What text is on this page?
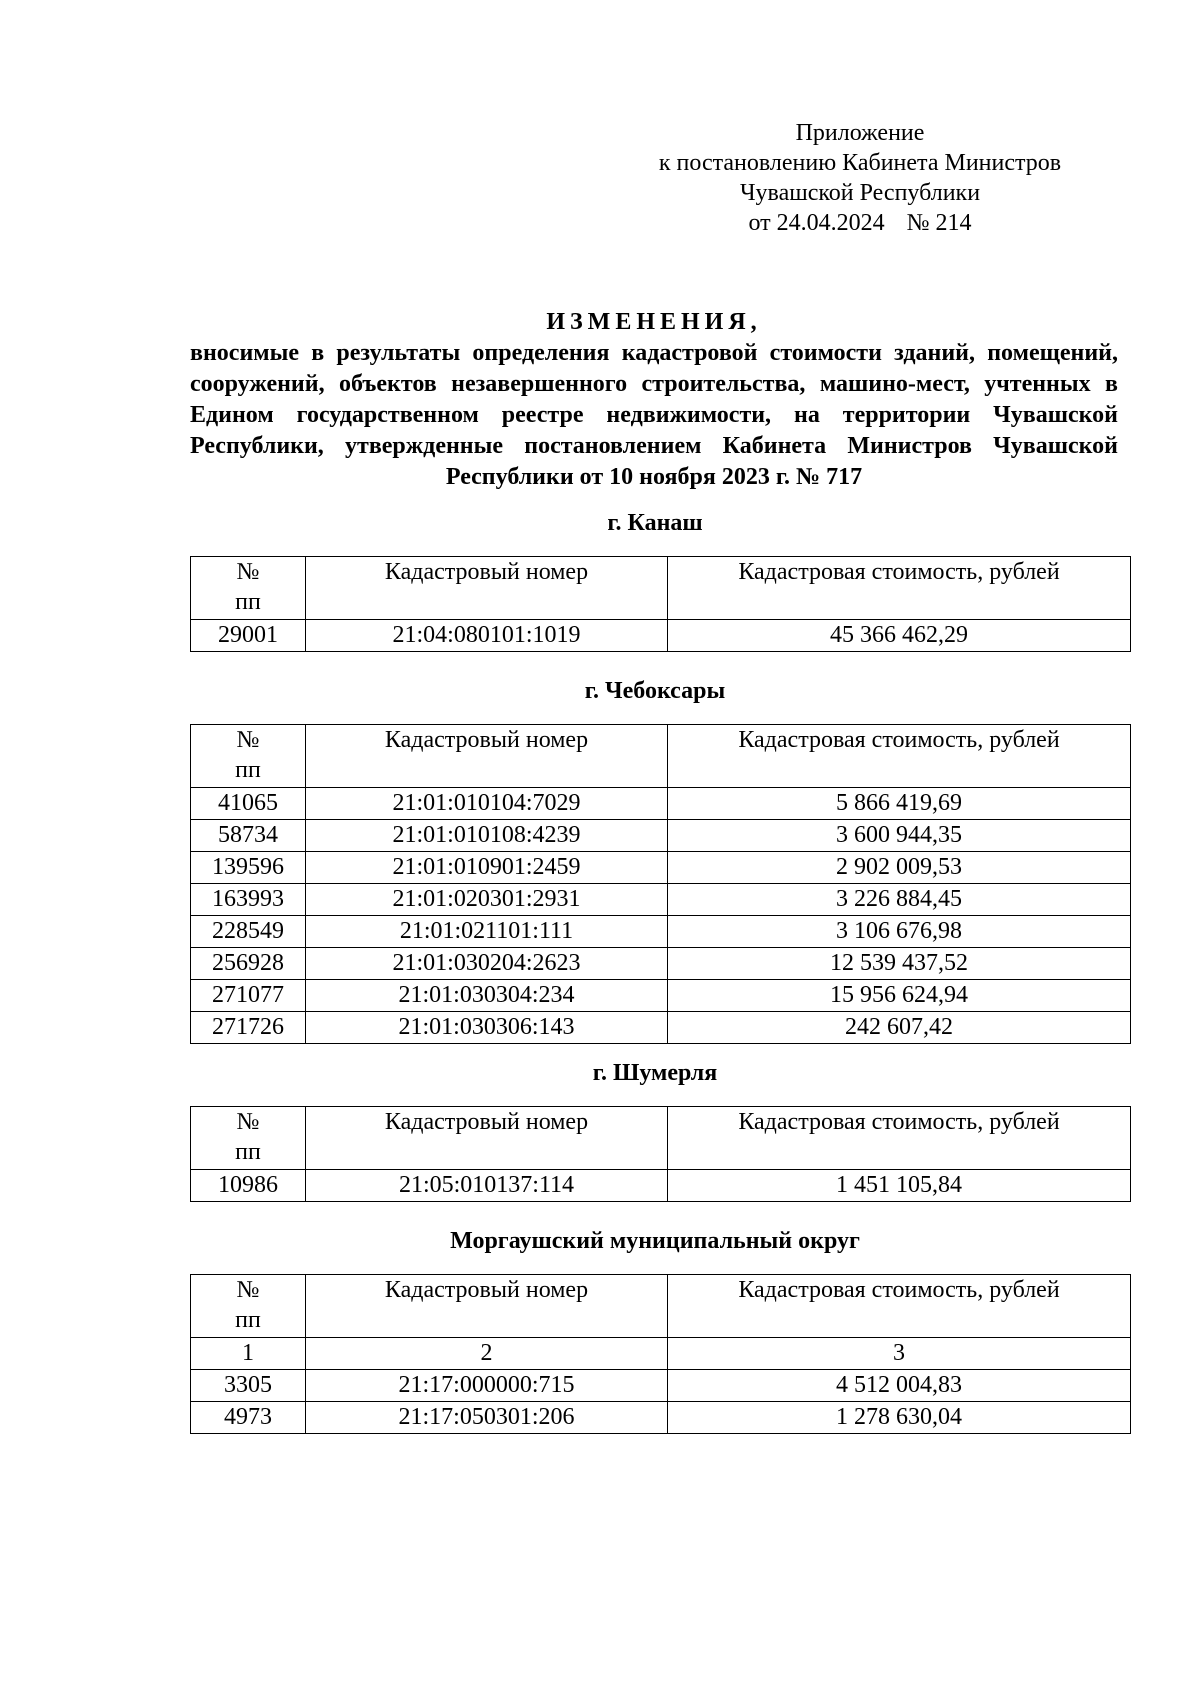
Приложение
к постановлению Кабинета Министров
Чувашской Республики
от 24.04.2024 № 214
ИЗМЕНЕНИЯ,
вносимые в результаты определения кадастровой стоимости зданий, помещений, сооружений, объектов незавершенного строительства, машино-мест, учтенных в Едином государственном реестре недвижимости, на территории Чувашской Республики, утвержденные постановлением Кабинета Министров Чувашской Республики от 10 ноября 2023 г. № 717
г. Канаш
№
пп	Кадастровый номер	Кадастровая стоимость, рублей
29001	21:04:080101:1019	45 366 462,29
г. Чебоксары
№
пп	Кадастровый номер	Кадастровая стоимость, рублей
41065	21:01:010104:7029	5 866 419,69
58734	21:01:010108:4239	3 600 944,35
139596	21:01:010901:2459	2 902 009,53
163993	21:01:020301:2931	3 226 884,45
228549	21:01:021101:111	3 106 676,98
256928	21:01:030204:2623	12 539 437,52
271077	21:01:030304:234	15 956 624,94
271726	21:01:030306:143	242 607,42
г. Шумерля
№
пп	Кадастровый номер	Кадастровая стоимость, рублей
10986	21:05:010137:114	1 451 105,84
Моргаушский муниципальный округ
№
пп	Кадастровый номер	Кадастровая стоимость, рублей
1	2	3
3305	21:17:000000:715	4 512 004,83
4973	21:17:050301:206	1 278 630,04
